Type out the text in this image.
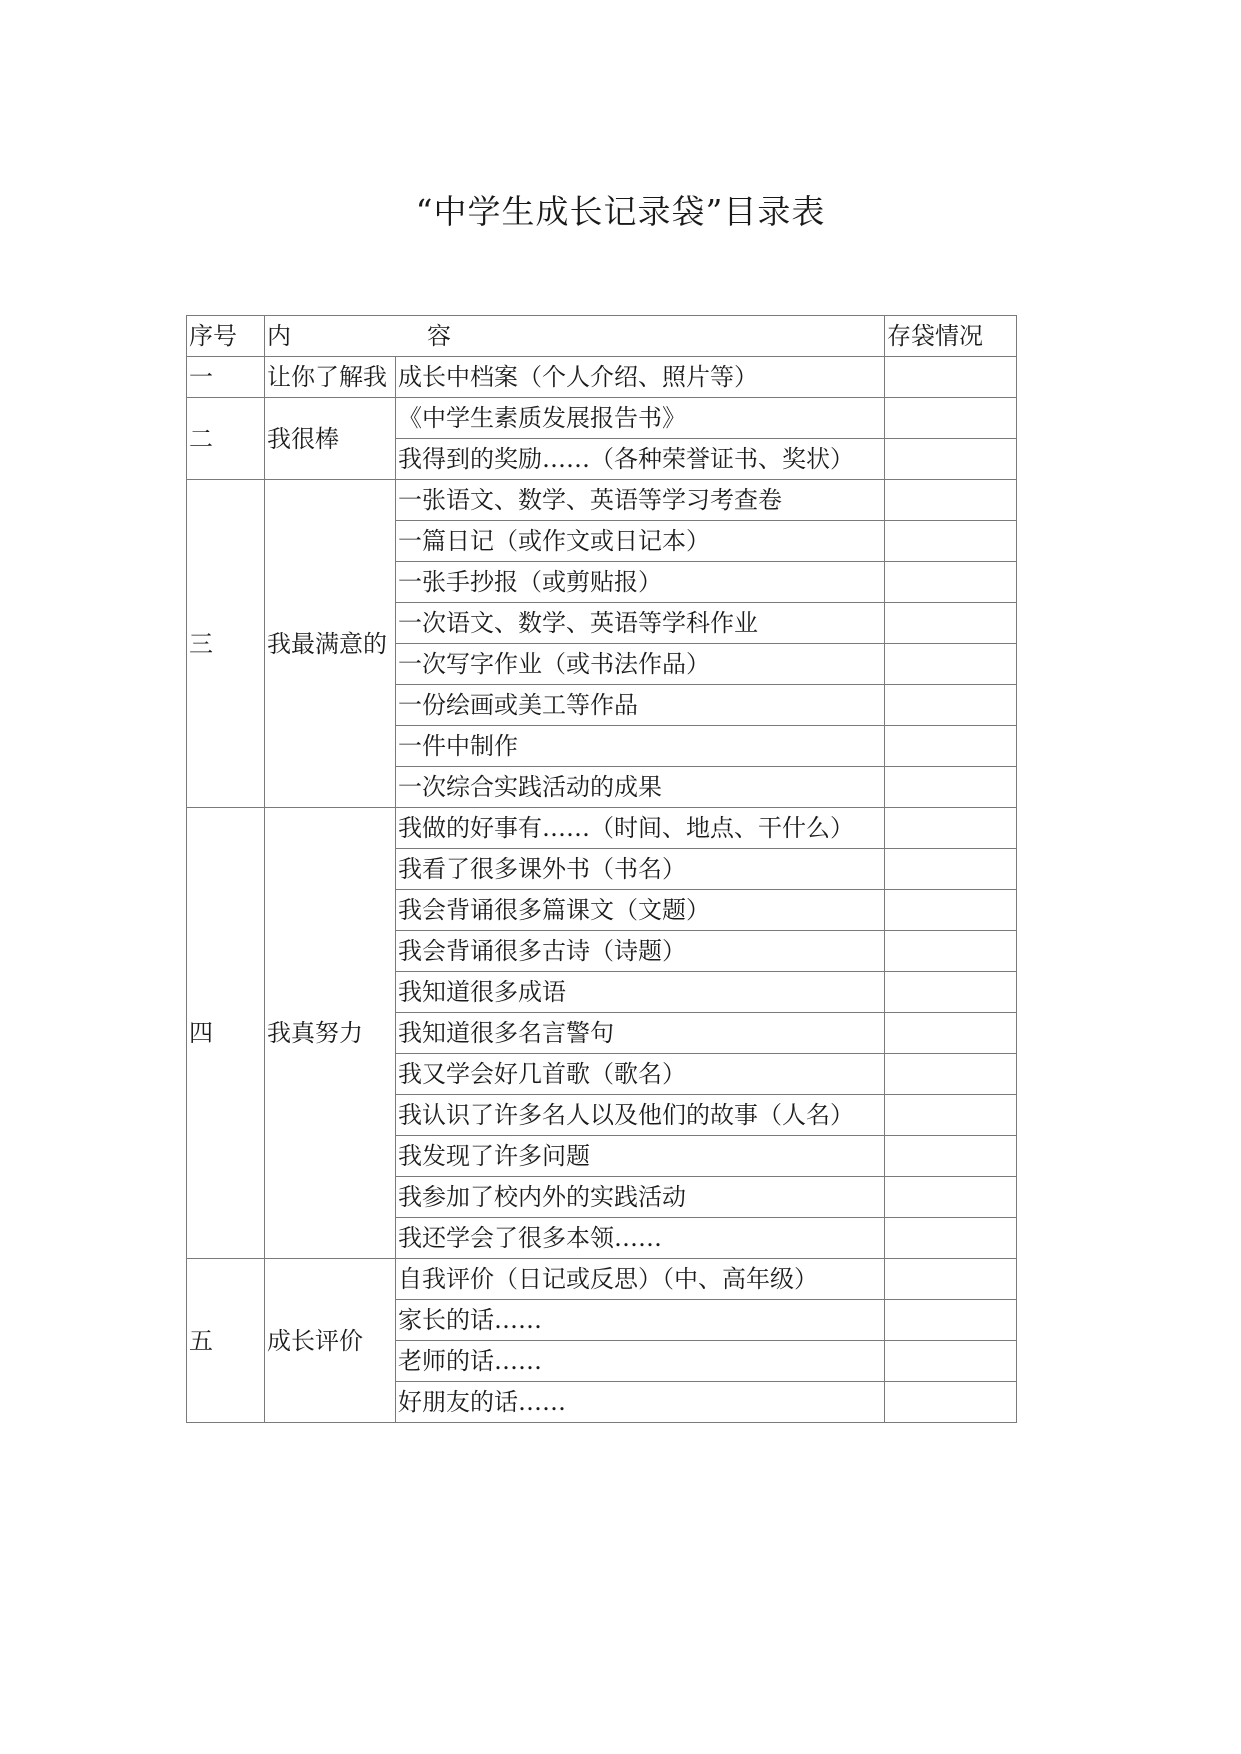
“中学生成长记录袋”目录表
序号	内 容		存袋情况
一	让你了解我	成长中档案（个人介绍、照片等）	
二	我很棒	《中学生素质发展报告书》	
		我得到的奖励……（各种荣誉证书、奖状）	
三	我最满意的	一张语文、数学、英语等学习考查卷	
		一篇日记（或作文或日记本）	
		一张手抄报（或剪贴报）	
		一次语文、数学、英语等学科作业	
		一次写字作业（或书法作品）	
		一份绘画或美工等作品	
		一件中制作	
		一次综合实践活动的成果	
四	我真努力	我做的好事有……（时间、地点、干什么）	
		我看了很多课外书（书名）	
		我会背诵很多篇课文（文题）	
		我会背诵很多古诗（诗题）	
		我知道很多成语	
		我知道很多名言警句	
		我又学会好几首歌（歌名）	
		我认识了许多名人以及他们的故事（人名）	
		我发现了许多问题	
		我参加了校内外的实践活动	
		我还学会了很多本领……	
五	成长评价	自我评价（日记或反思）（中、高年级）	
		家长的话……	
		老师的话……	
		好朋友的话……	
